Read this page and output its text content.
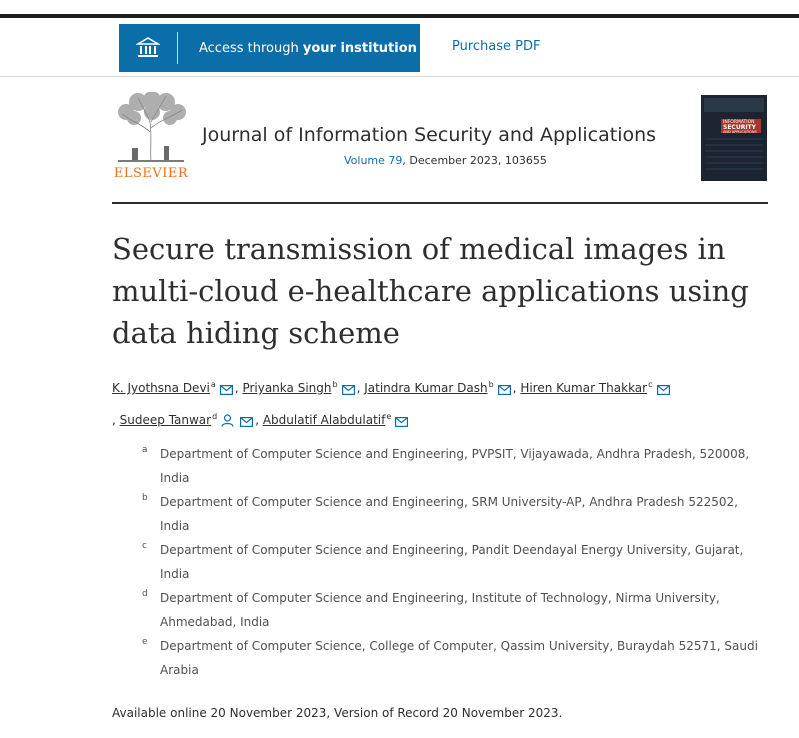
Access through your institution	Purchase PDF
ELSEVIER
Journal of Information Security and Applications
Volume 79, December 2023, 103655
INFORMATION
SECURITY
AND APPLICATIONS
Secure transmission of medical images in multi-cloud e-healthcare applications using data hiding scheme
K. Jyothsna Devi$^a$ , Priyanka Singh$^b$ , Jatindra Kumar Dash$^b$ , Hiren Kumar Thakkar$^c$
, Sudeep Tanwar$^d$	, Abdulatif Alabdulatif$^e$
a Department of Computer Science and Engineering, PVPSIT, Vijayawada, Andhra Pradesh, 520008, India
b Department of Computer Science and Engineering, SRM University-AP, Andhra Pradesh 522502, India
c Department of Computer Science and Engineering, Pandit Deendayal Energy University, Gujarat, India
d Department of Computer Science and Engineering, Institute of Technology, Nirma University, Ahmedabad, India
e Department of Computer Science, College of Computer, Qassim University, Buraydah 52571, Saudi Arabia
Available online 20 November 2023, Version of Record 20 November 2023.
